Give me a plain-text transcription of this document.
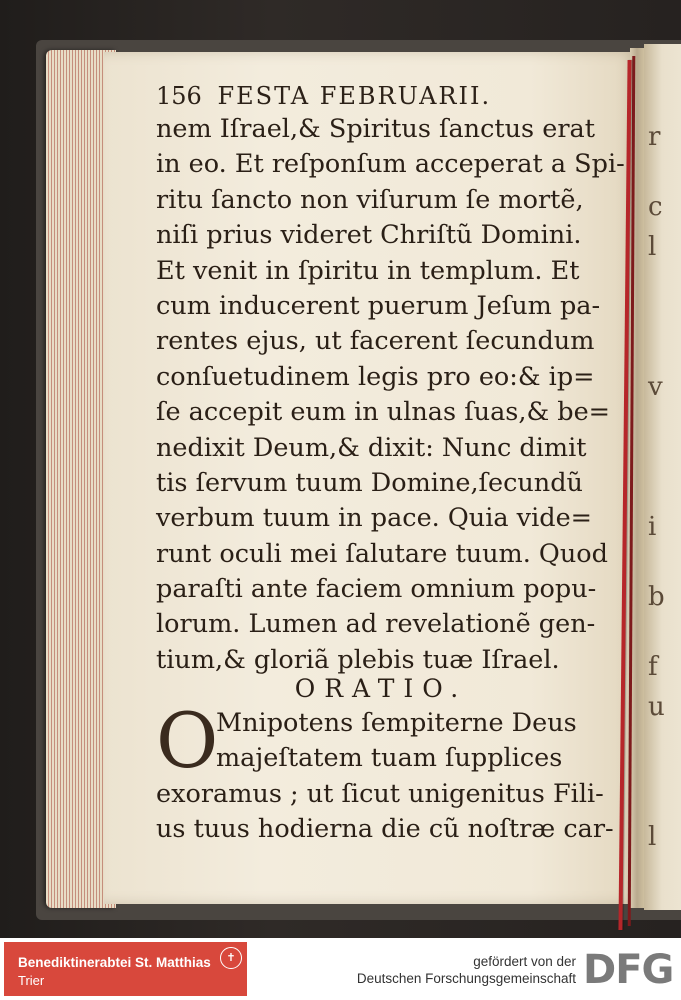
r
c
l
v
i
b
f
u
l
156 FESTA FEBRUARII.
nem Iſrael,& Spiritus ſanctus erat
in eo. Et reſponſum acceperat a Spi-
ritu ſancto non viſurum ſe mortẽ,
niſi prius videret Chriſtũ Domini.
Et venit in ſpiritu in templum. Et
cum inducerent puerum Jeſum pa-
rentes ejus, ut facerent ſecundum
conſuetudinem legis pro eo:& ip=
ſe accepit eum in ulnas ſuas,& be=
nedixit Deum,& dixit: Nunc dimit
tis ſervum tuum Domine,ſecundũ
verbum tuum in pace. Quia vide=
runt oculi mei ſalutare tuum. Quod
paraſti ante faciem omnium popu-
lorum. Lumen ad revelationẽ gen-
tium,& gloriã plebis tuæ Iſrael.
ORATIO.
O
Mnipotens ſempiterne Deus
majeſtatem tuam ſupplices
exoramus ; ut ſicut unigenitus Fili-
us tuus hodierna die cũ noſtræ car-
Benediktinerabtei St. Matthias
Trier
✝	gefördert von der
Deutschen Forschungsgemeinschaft DFG
